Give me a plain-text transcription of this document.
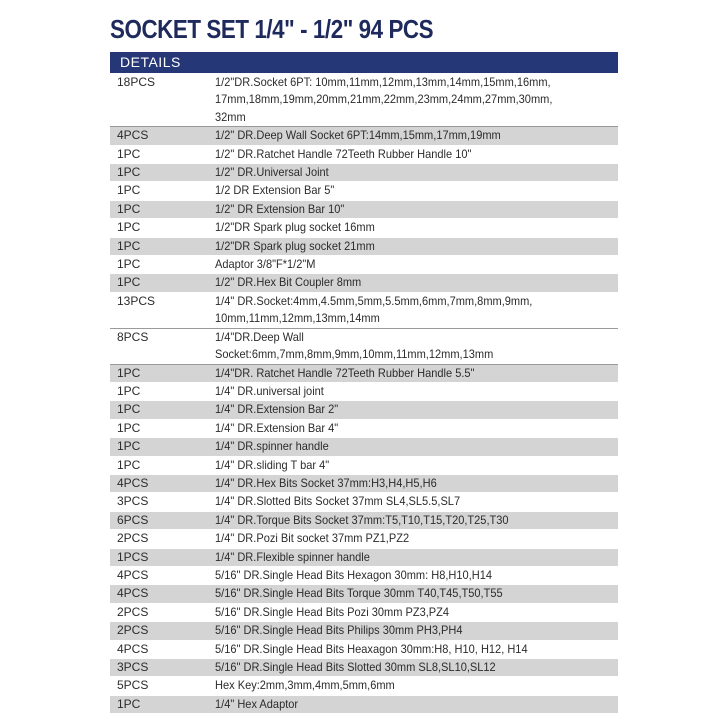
SOCKET SET 1/4" - 1/2" 94 PCS
DETAILS
18PCS	1/2"DR.Socket 6PT: 10mm,11mm,12mm,13mm,14mm,15mm,16mm,
17mm,18mm,19mm,20mm,21mm,22mm,23mm,24mm,27mm,30mm,
32mm
4PCS	1/2" DR.Deep Wall Socket 6PT:14mm,15mm,17mm,19mm
1PC	1/2" DR.Ratchet Handle 72Teeth Rubber Handle 10"
1PC	1/2" DR.Universal Joint
1PC	1/2 DR Extension Bar 5"
1PC	1/2" DR Extension Bar 10"
1PC	1/2"DR Spark plug socket 16mm
1PC	1/2"DR Spark plug socket 21mm
1PC	Adaptor 3/8"F*1/2"M
1PC	1/2" DR.Hex Bit Coupler 8mm
13PCS	1/4" DR.Socket:4mm,4.5mm,5mm,5.5mm,6mm,7mm,8mm,9mm,
10mm,11mm,12mm,13mm,14mm
8PCS	1/4"DR.Deep Wall Socket:6mm,7mm,8mm,9mm,10mm,11mm,12mm,13mm
1PC	1/4"DR. Ratchet Handle 72Teeth Rubber Handle 5.5"
1PC	1/4" DR.universal joint
1PC	1/4" DR.Extension Bar 2"
1PC	1/4" DR.Extension Bar 4"
1PC	1/4" DR.spinner handle
1PC	1/4" DR.sliding T bar 4"
4PCS	1/4" DR.Hex Bits Socket 37mm:H3,H4,H5,H6
3PCS	1/4" DR.Slotted Bits Socket 37mm SL4,SL5.5,SL7
6PCS	1/4" DR.Torque Bits Socket 37mm:T5,T10,T15,T20,T25,T30
2PCS	1/4" DR.Pozi Bit socket 37mm PZ1,PZ2
1PCS	1/4" DR.Flexible spinner handle
4PCS	5/16" DR.Single Head Bits Hexagon 30mm: H8,H10,H14
4PCS	5/16" DR.Single Head Bits Torque 30mm T40,T45,T50,T55
2PCS	5/16" DR.Single Head Bits Pozi 30mm PZ3,PZ4
2PCS	5/16" DR.Single Head Bits Philips 30mm PH3,PH4
4PCS	5/16" DR.Single Head Bits Heaxagon 30mm:H8, H10, H12, H14
3PCS	5/16" DR.Single Head Bits Slotted 30mm SL8,SL10,SL12
5PCS	Hex Key:2mm,3mm,4mm,5mm,6mm
1PC	1/4" Hex Adaptor
